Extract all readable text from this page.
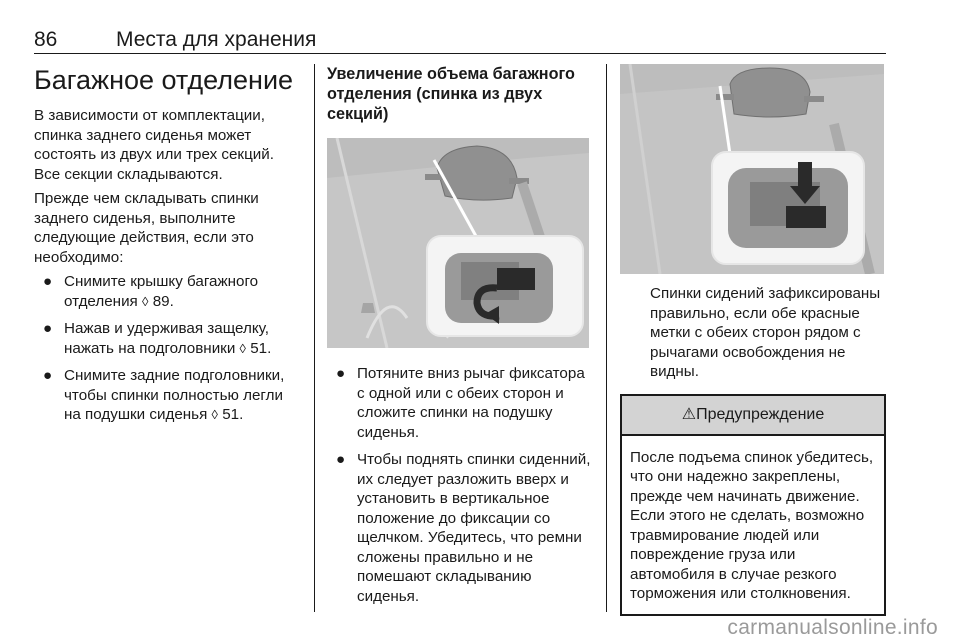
86	Места для хранения
Багажное отделение

В зависимости от комплектации, спинка заднего сиденья может состоять из двух или трех секций. Все секции складываются.

Прежде чем складывать спинки заднего сиденья, выполните следующие действия, если это необходимо:

● Снимите крышку багажного отделения ◊ 89.
● Нажав и удерживая защелку, нажать на подголовники ◊ 51.
● Снимите задние подголовники, чтобы спинки полностью легли на подушки сиденья ◊ 51.
Увеличение объема багажного отделения (спинка из двух секций)
● Потяните вниз рычаг фиксатора с одной или с обеих сторон и сложите спинки на подушку сиденья.
● Чтобы поднять спинки сиденний, их следует разложить вверх и установить в вертикальное положение до фиксации со щелчком. Убедитесь, что ремни сложены правильно и не помешают складыванию сиденья.

Спинки сидений зафиксированы правильно, если обе красные метки с обеих сторон рядом с рычагами освобождения не видны.

⚠Предупреждение
После подъема спинок убедитесь, что они надежно закреплены, прежде чем начинать движение. Если этого не сделать, возможно травмирование людей или повреждение груза или автомобиля в случае резкого торможения или столкновения.
carmanualsonline.info
